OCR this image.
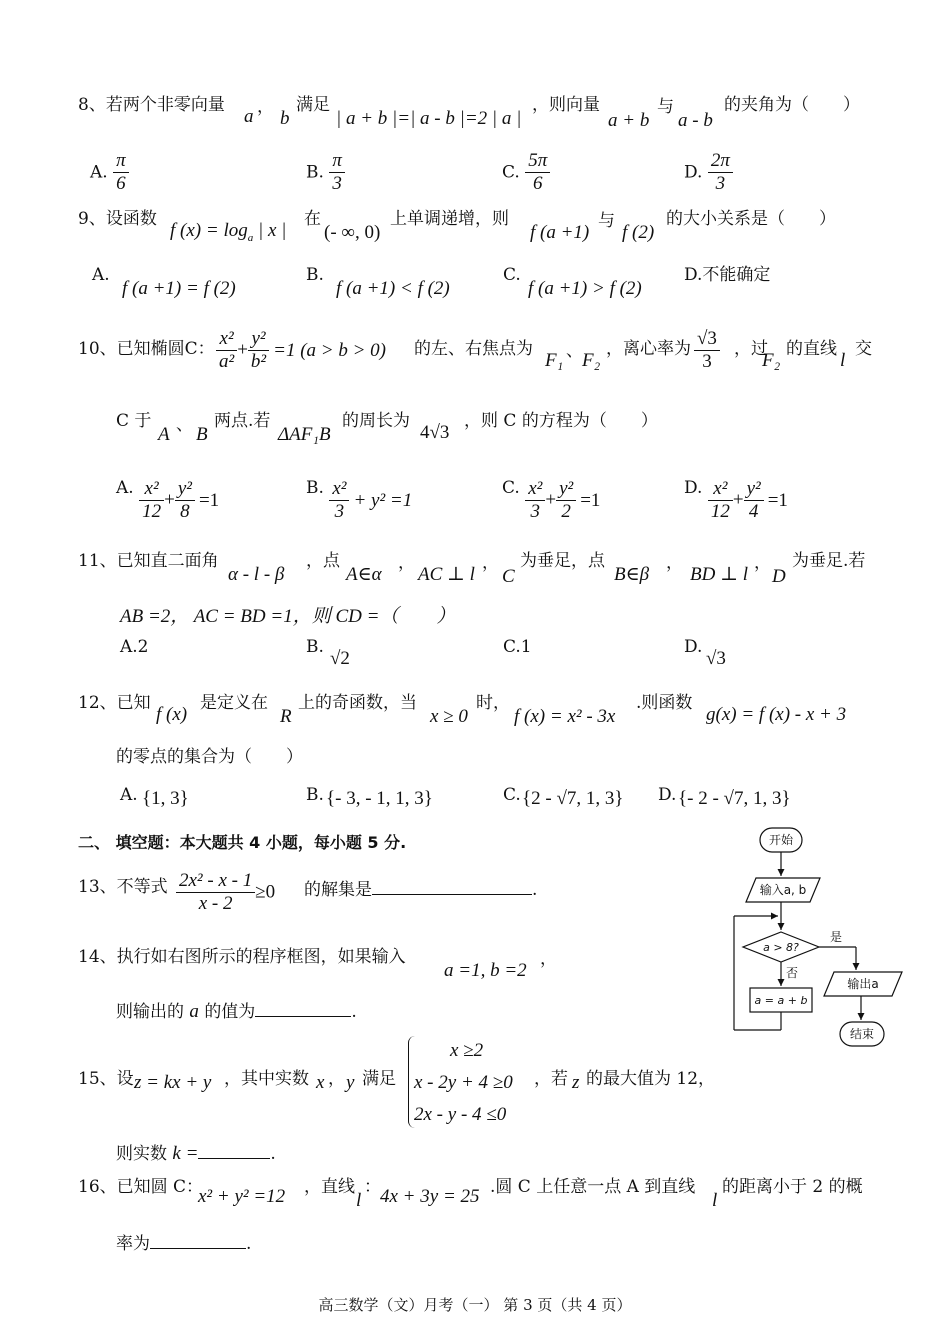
8、若两个非零向量
a ，
b
满足
| a + b |=| a - b |=2 | a |
，则向量
a + b
与
a - b
的夹角为（　　）
A. $\frac{\pi}{6}$	B. $\frac{\pi}{3}$	C. $\frac{5\pi}{6}$	D. $\frac{2\pi}{3}$
9、设函数
f $(x) = \log_a$ | x |
在
(- ∞, 0)
上单调递增，则
f (a +1)
与
f (2)
的大小关系是（　　）
A.
f (a +1) = f (2)
B.
f (a +1) < f (2)
C.
f (a +1) > f (2)
D.不能确定
10、已知椭圆C： $\frac{\text{x²}}{\text{a²}} + \frac{\text{y²}}{\text{b²}} =1$ (a > b > 0) 的左、右焦点为
F₁ 、 F₂
，离心率为 $\frac{√3}{3}$ ，过
F₂
的直线
l
交
C 于
A 、 B
两点.若
ΔAF₁B
的周长为
4√3
，则 C 的方程为（　　）
A. $\frac{\text{x²}}{12} + \frac{\text{y²}}{8} =1$
B. $\frac{\text{x²}}{3} + y^2 =1$
C. $\frac{\text{x²}}{3} + \frac{\text{y²}}{2} =1$
D. $\frac{\text{x²}}{12} + \frac{\text{y²}}{4} =1$
11、已知直二面角
α - l - β
，点
A∈α
，
AC ⊥ l
，
C
为垂足，点
B∈β
，
BD ⊥ l
，
D
为垂足.若
AB =2， AC = BD =1，则 CD =（　　）
A.2	B.
√2
C.1	D.
√3
12、已知
f (x)
是定义在
R
上的奇函数，当
x ≥ 0
时，
f (x) = x² - 3x
.则函数
g(x) = f (x) - x + 3
的零点的集合为（　　）
A. {1, 3}	B. {- 3, - 1, 1, 3}	C. {2 - √7, 1, 3} D. {- 2 - √7, 1, 3}
二、 填空题：本大题共 4 小题，每小题 5 分.
13、不等式 $\frac{\text{2x² - x - 1}}{x - 2} \ge 0$ 的解集是	.
14、执行如右图所示的程序框图，如果输入
a =1, b =2
，
则输出的 a 的值为	.
15、设 z = kx + y ，其中实数 x ， y 满足
x ≥2
x - 2y + 4 ≥0
2x - y - 4 ≤0
，若 z 的最大值为 12，
则实数 k =	.
16、已知圆 C：
x² + y² =12 ，直线
l
： 4x + 3y = 25 .圆 C 上任意一点 A 到直线
l
的距离小于 2 的概
率为	.
开始
输入a, b
a > 8?
是
否
a = a + b
输出a
结束
高三数学（文）月考（一） 第 3 页（共 4 页）
